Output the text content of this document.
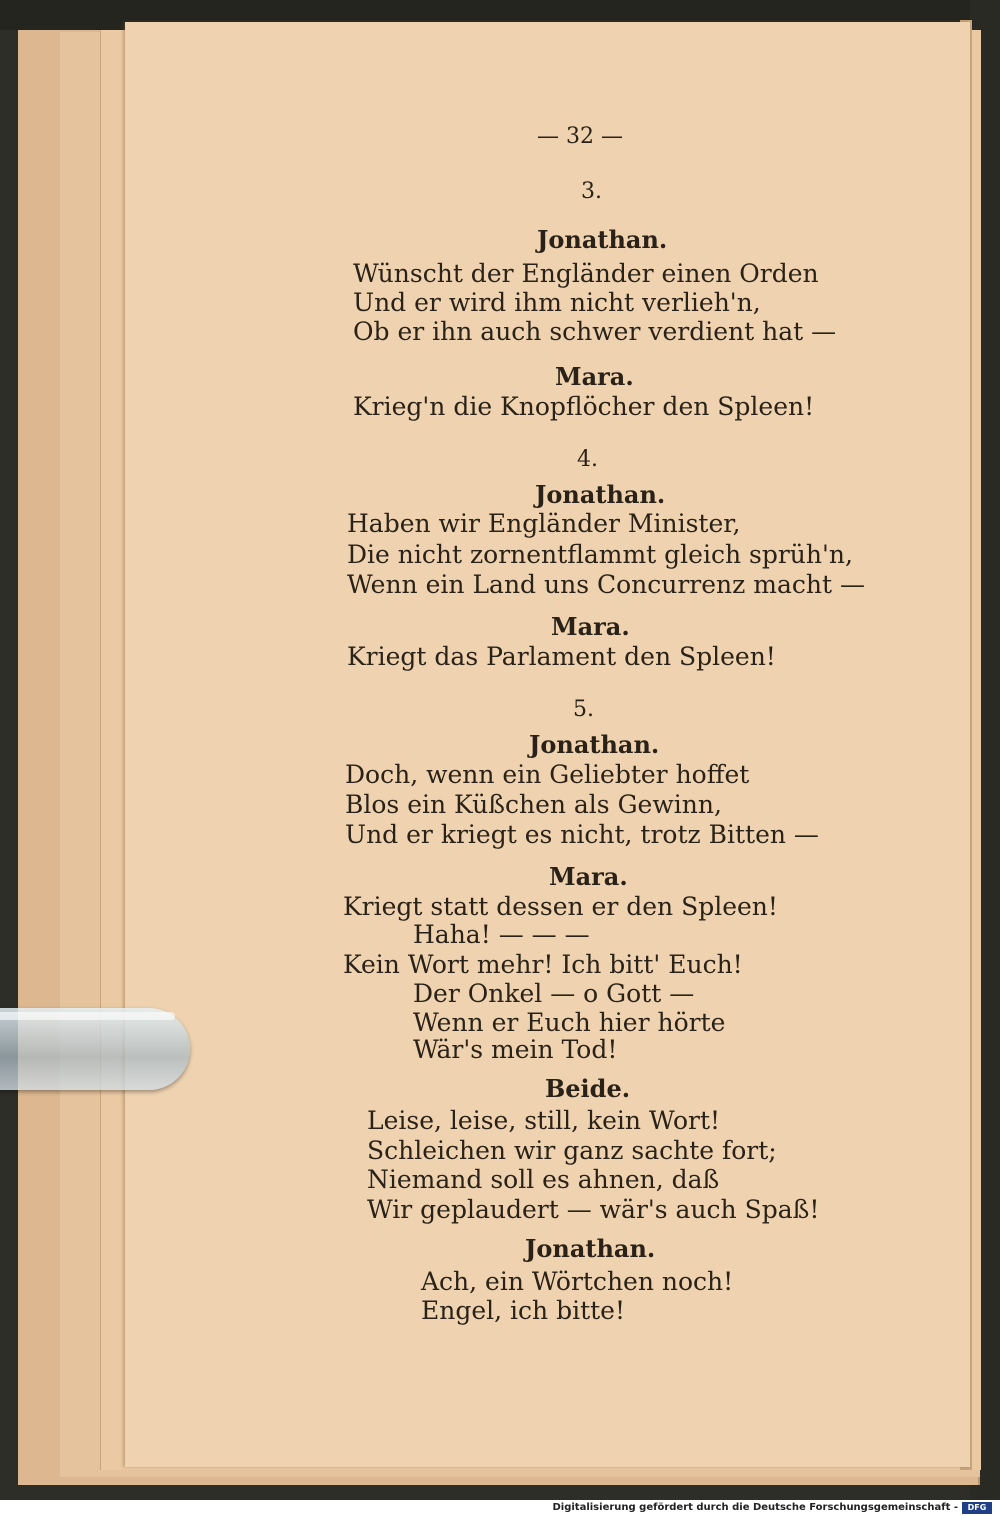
— 32 —
3.
Jonathan.
Wünscht der Engländer einen Orden
Und er wird ihm nicht verlieh'n,
Ob er ihn auch schwer verdient hat —
Mara.
Krieg'n die Knopflöcher den Spleen!
4.
Jonathan.
Haben wir Engländer Minister,
Die nicht zornentflammt gleich sprüh'n,
Wenn ein Land uns Concurrenz macht —
Mara.
Kriegt das Parlament den Spleen!
5.
Jonathan.
Doch, wenn ein Geliebter hoffet
Blos ein Küßchen als Gewinn,
Und er kriegt es nicht, trotz Bitten —
Mara.
Kriegt statt dessen er den Spleen!
Haha! — — —
Kein Wort mehr! Ich bitt' Euch!
Der Onkel — o Gott —
Wenn er Euch hier hörte
Wär's mein Tod!
Beide.
Leise, leise, still, kein Wort!
Schleichen wir ganz sachte fort;
Niemand soll es ahnen, daß
Wir geplaudert — wär's auch Spaß!
Jonathan.
Ach, ein Wörtchen noch!
Engel, ich bitte!
Digitalisierung gefördert durch die Deutsche Forschungsgemeinschaft -	DFG
